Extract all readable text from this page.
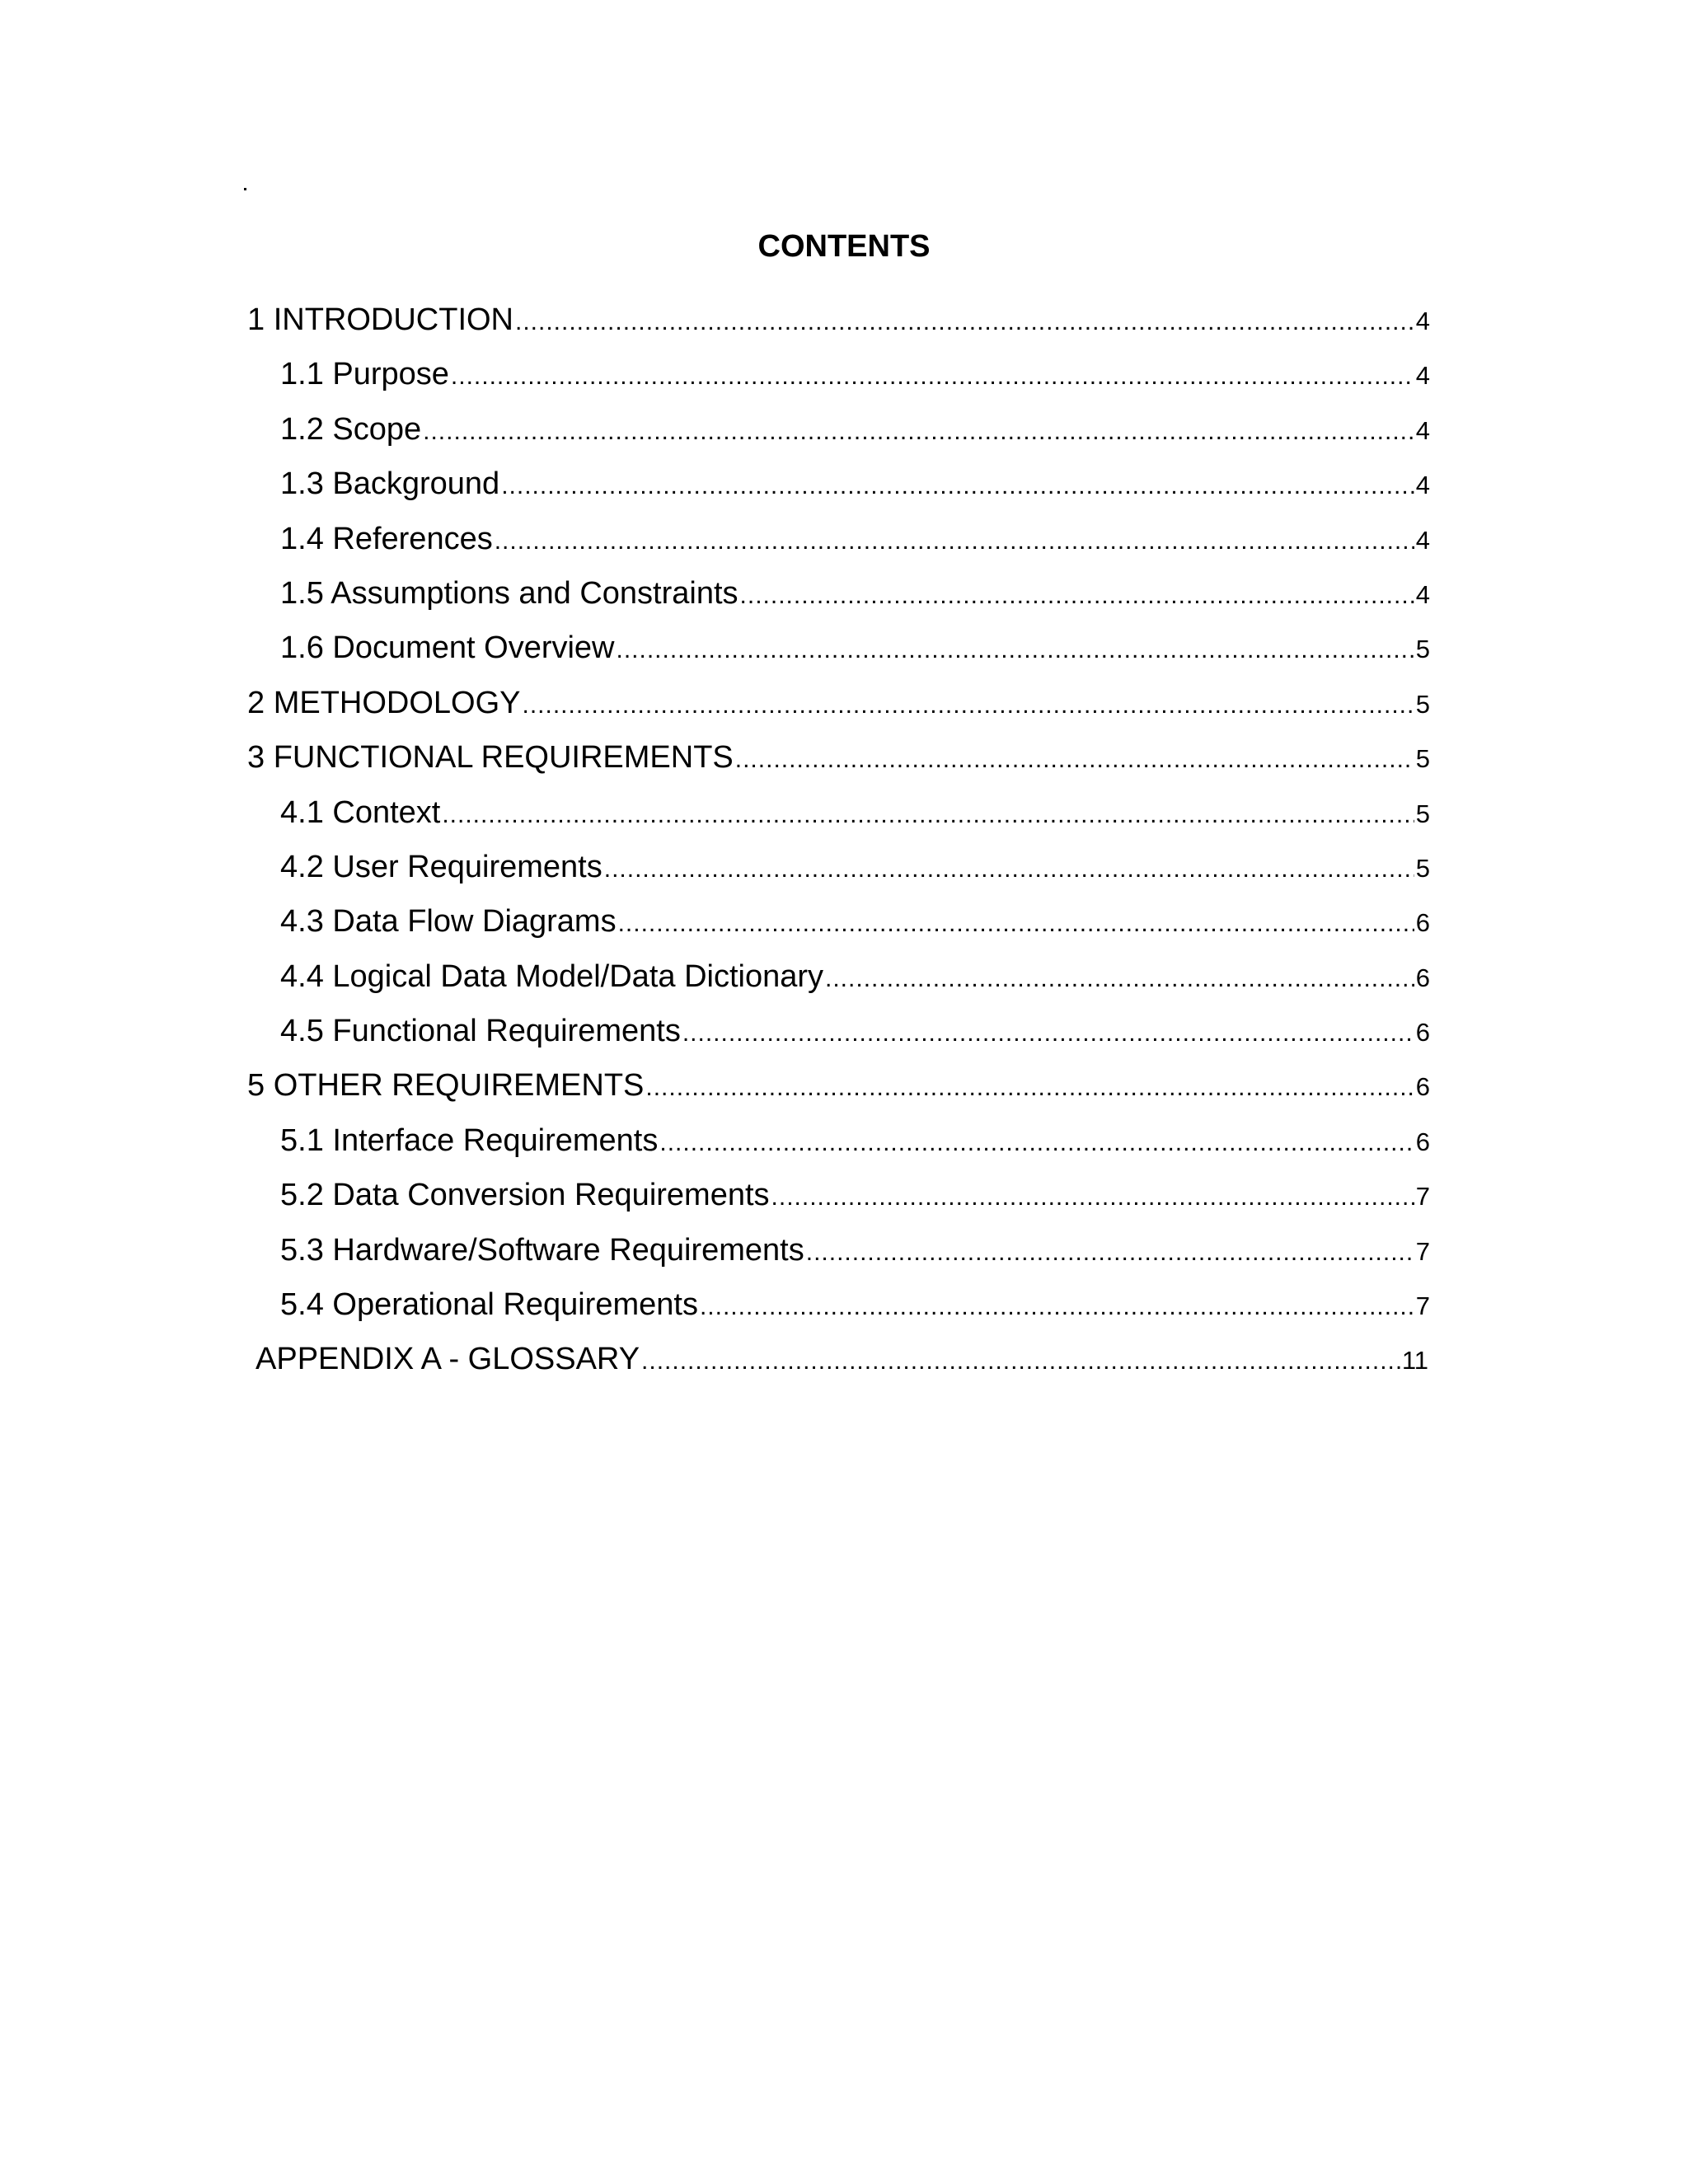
CONTENTS
1 INTRODUCTION .....	4
1.1 Purpose .....	4
1.2 Scope .....	4
1.3 Background .....	4
1.4 References .....	4
1.5 Assumptions and Constraints .....	4
1.6 Document Overview .....	5
2 METHODOLOGY .....	5
3 FUNCTIONAL REQUIREMENTS .....	5
4.1 Context .....	5
4.2 User Requirements .....	5
4.3 Data Flow Diagrams .....	6
4.4 Logical Data Model/Data Dictionary .....	6
4.5 Functional Requirements .....	6
5 OTHER REQUIREMENTS .....	6
5.1 Interface Requirements .....	6
5.2 Data Conversion Requirements .....	7
5.3 Hardware/Software Requirements .....	7
5.4 Operational Requirements .....	7
APPENDIX A - GLOSSARY .....	11
